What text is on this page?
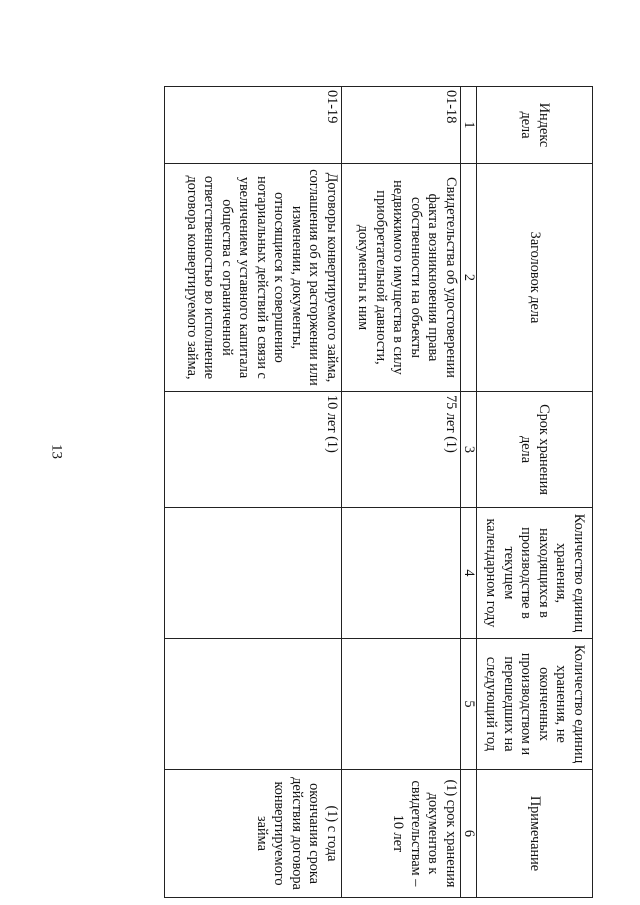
13
Индекс дела	Заголовок дела	Срок хранения дела	Количество единиц хранения, находящихся в производстве в текущем календарном году	Количество единиц хранения, не оконченных производством и перешедших на следующий год	Примечание
1	2	3	4	5	6
01-18	Свидетельства об удостоверении факта возникновения права собственности на объекты недвижимого имущества в силу приобретательной давности, документы к ним	75 лет (1)			(1) срок хранения документов к свидетельствам – 10 лет
01-19	Договоры конвертируемого займа, соглашения об их расторжении или изменении, документы, относящиеся к совершению нотариальных действий в связи с увеличением уставного капитала общества с ограниченной ответственностью во исполнение договора конвертируемого займа,	10 лет (1)			(1) с года окончания срока действия договора конвертируемого займа
